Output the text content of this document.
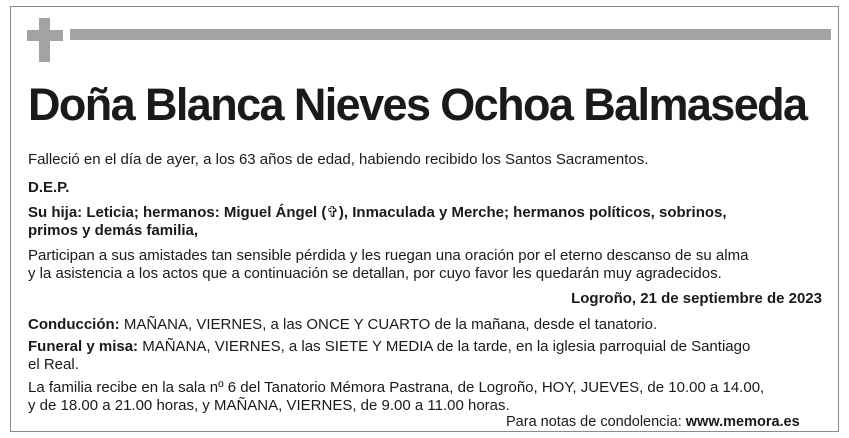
Doña Blanca Nieves Ochoa Balmaseda
Falleció en el día de ayer, a los 63 años de edad, habiendo recibido los Santos Sacramentos.
D.E.P.
Su hija: Leticia; hermanos: Miguel Ángel (✞), Inmaculada y Merche; hermanos políticos, sobrinos,
primos y demás familia,
Participan a sus amistades tan sensible pérdida y les ruegan una oración por el eterno descanso de su alma
y la asistencia a los actos que a continuación se detallan, por cuyo favor les quedarán muy agradecidos.
Logroño, 21 de septiembre de 2023
Conducción: MAÑANA, VIERNES, a las ONCE Y CUARTO de la mañana, desde el tanatorio.
Funeral y misa: MAÑANA, VIERNES, a las SIETE Y MEDIA de la tarde, en la iglesia parroquial de Santiago
el Real.
La familia recibe en la sala nº 6 del Tanatorio Mémora Pastrana, de Logroño, HOY, JUEVES, de 10.00 a 14.00,
y de 18.00 a 21.00 horas, y MAÑANA, VIERNES, de 9.00 a 11.00 horas.
Para notas de condolencia: www.memora.es
